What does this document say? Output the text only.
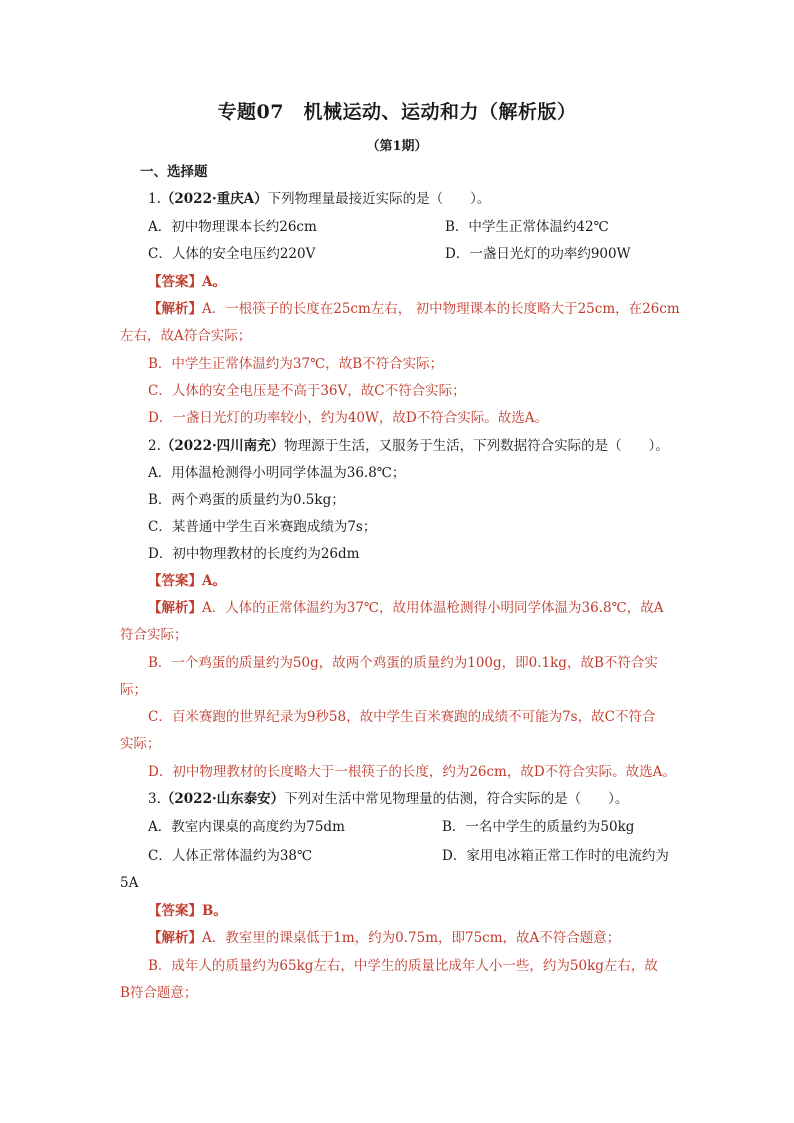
专题07　机械运动、运动和力（解析版）
（第1期）
一、选择题
1.（2022·重庆A）下列物理量最接近实际的是（　　）。
A．初中物理课本长约26cm	B．中学生正常体温约42℃
C．人体的安全电压约220V	D．一盏日光灯的功率约900W
【答案】A。
【解析】A．一根筷子的长度在25cm左右， 初中物理课本的长度略大于25cm，在26cm
左右，故A符合实际；
B．中学生正常体温约为37℃，故B不符合实际；
C．人体的安全电压是不高于36V，故C不符合实际；
D．一盏日光灯的功率较小，约为40W，故D不符合实际。故选A。
2.（2022·四川南充）物理源于生活，又服务于生活，下列数据符合实际的是（　　）。
A．用体温枪测得小明同学体温为36.8℃；
B．两个鸡蛋的质量约为0.5kg；
C．某普通中学生百米赛跑成绩为7s；
D．初中物理教材的长度约为26dm
【答案】A。
【解析】A．人体的正常体温约为37℃，故用体温枪测得小明同学体温为36.8℃，故A
符合实际；
B．一个鸡蛋的质量约为50g，故两个鸡蛋的质量约为100g，即0.1kg，故B不符合实
际；
C．百米赛跑的世界纪录为9秒58，故中学生百米赛跑的成绩不可能为7s，故C不符合
实际；
D．初中物理教材的长度略大于一根筷子的长度，约为26cm，故D不符合实际。故选A。
3.（2022·山东泰安）下列对生活中常见物理量的估测，符合实际的是（　　）。
A．教室内课桌的高度约为75dm	B．一名中学生的质量约为50kg
C．人体正常体温约为38℃	D．家用电冰箱正常工作时的电流约为
5A
【答案】B。
【解析】A．教室里的课桌低于1m，约为0.75m，即75cm，故A不符合题意；
B．成年人的质量约为65kg左右，中学生的质量比成年人小一些，约为50kg左右，故
B符合题意；
